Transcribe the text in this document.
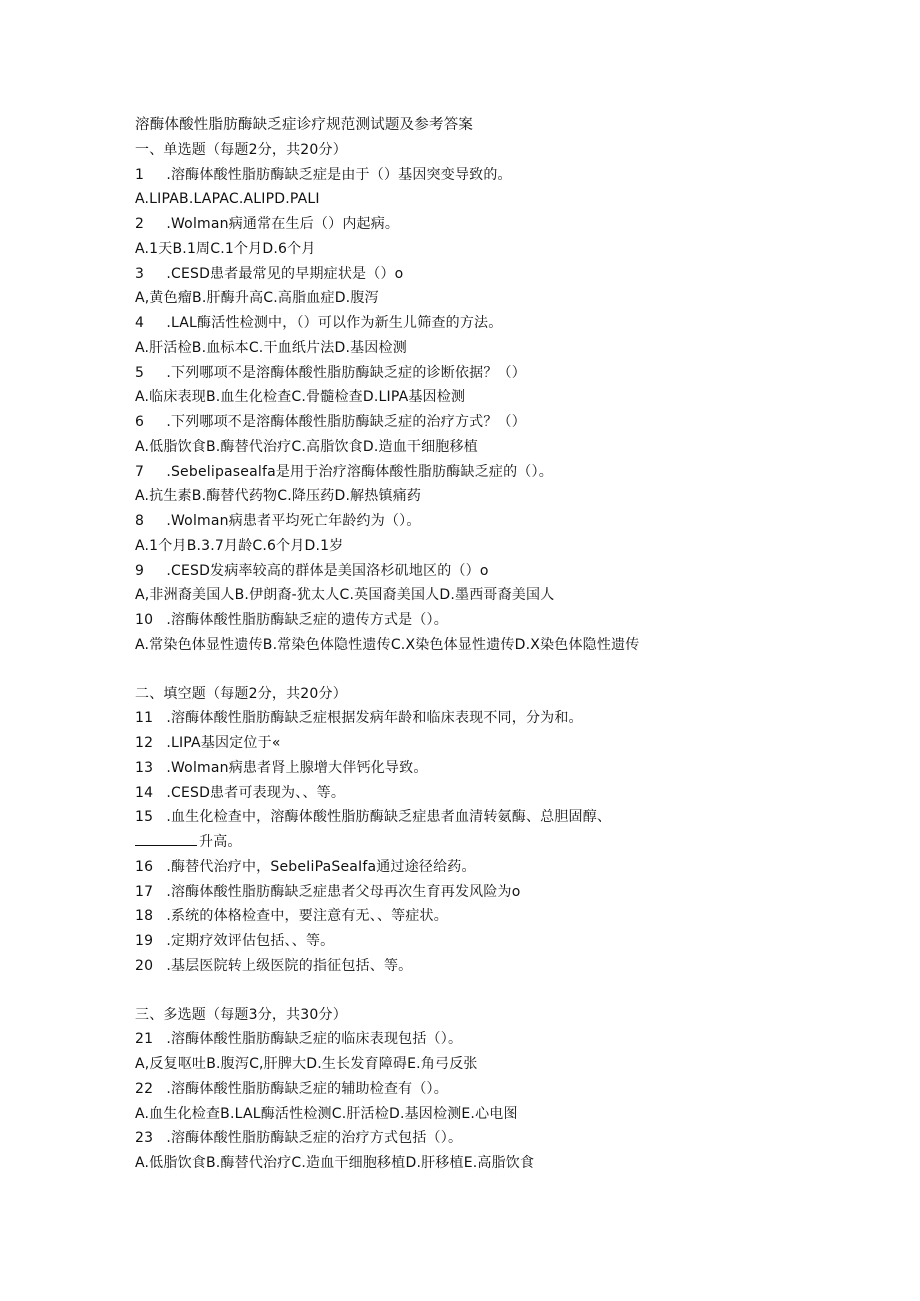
溶酶体酸性脂肪酶缺乏症诊疗规范测试题及参考答案
一、单选题（每题2分，共20分）
1 .溶酶体酸性脂肪酶缺乏症是由于（）基因突变导致的。
A.LIPAB.LAPAC.ALIPD.PALI
2 .Wolman病通常在生后（）内起病。
A.1天B.1周C.1个月D.6个月
3 .CESD患者最常见的早期症状是（）o
A,黄色瘤B.肝酶升高C.高脂血症D.腹泻
4 .LAL酶活性检测中，（）可以作为新生儿筛查的方法。
A.肝活检B.血标本C.干血纸片法D.基因检测
5 .下列哪项不是溶酶体酸性脂肪酶缺乏症的诊断依据？（）
A.临床表现B.血生化检查C.骨髓检查D.LIPA基因检测
6 .下列哪项不是溶酶体酸性脂肪酶缺乏症的治疗方式？（）
A.低脂饮食B.酶替代治疗C.高脂饮食D.造血干细胞移植
7 .Sebelipasealfa是用于治疗溶酶体酸性脂肪酶缺乏症的（）。
A.抗生素B.酶替代药物C.降压药D.解热镇痛药
8 .Wolman病患者平均死亡年龄约为（）。
A.1个月B.3.7月龄C.6个月D.1岁
9 .CESD发病率较高的群体是美国洛杉矶地区的（）o
A,非洲裔美国人B.伊朗裔-犹太人C.英国裔美国人D.墨西哥裔美国人
10 .溶酶体酸性脂肪酶缺乏症的遗传方式是（）。
A.常染色体显性遗传B.常染色体隐性遗传C.X染色体显性遗传D.X染色体隐性遗传
二、填空题（每题2分，共20分）
11 .溶酶体酸性脂肪酶缺乏症根据发病年龄和临床表现不同，分为和。
12 .LIPA基因定位于«
13 .Wolman病患者肾上腺增大伴钙化导致。
14 .CESD患者可表现为、、等。
15 .血生化检查中，溶酶体酸性脂肪酶缺乏症患者血清转氨酶、总胆固醇、
升高。
16 .酶替代治疗中，SebeIiPaSeaIfa通过途径给药。
17 .溶酶体酸性脂肪酶缺乏症患者父母再次生育再发风险为o
18 .系统的体格检查中，要注意有无、、等症状。
19 .定期疗效评估包括、、等。
20 .基层医院转上级医院的指征包括、等。
三、多选题（每题3分，共30分）
21 .溶酶体酸性脂肪酶缺乏症的临床表现包括（）。
A,反复呕吐B.腹泻C,肝脾大D.生长发育障碍E.角弓反张
22 .溶酶体酸性脂肪酶缺乏症的辅助检查有（）。
A.血生化检查B.LAL酶活性检测C.肝活检D.基因检测E.心电图
23 .溶酶体酸性脂肪酶缺乏症的治疗方式包括（）。
A.低脂饮食B.酶替代治疗C.造血干细胞移植D.肝移植E.高脂饮食
